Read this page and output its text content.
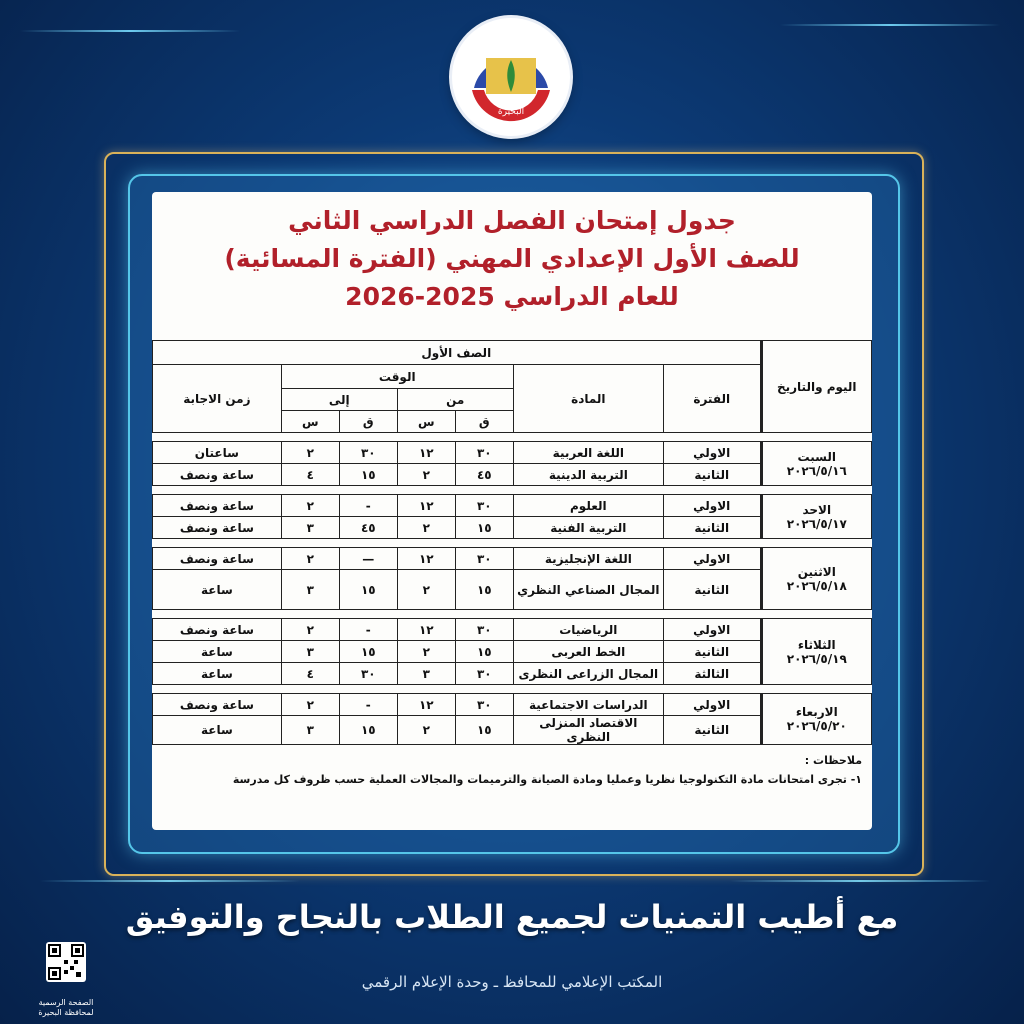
البحيرة
جدول إمتحان الفصل الدراسي الثاني
للصف الأول الإعدادي المهني (الفترة المسائية)
للعام الدراسي 2025-2026
اليوم والتاريخ	الصف الأول						
	الفترة	المادة	الوقت				زمن الاجابة
			من		إلى		
			ق	س	ق	س	

السبت
٢٠٢٦/٥/١٦	الاولي	اللغة العربية	٣٠	١٢	٣٠	٢	ساعتان
	الثانية	التربية الدينية	٤٥	٢	١٥	٤	ساعة ونصف

الاحد
٢٠٢٦/٥/١٧	الاولي	العلوم	٣٠	١٢	-	٢	ساعة ونصف
	الثانية	التربية الفنية	١٥	٢	٤٥	٣	ساعة ونصف

الاثنين
٢٠٢٦/٥/١٨	الاولي	اللغة الإنجليزية	٣٠	١٢	—	٢	ساعة ونصف
	الثانية	المجال الصناعي النظري	١٥	٢	١٥	٣	ساعة

الثلاثاء
٢٠٢٦/٥/١٩	الاولي	الرياضيات	٣٠	١٢	-	٢	ساعة ونصف
	الثانية	الخط العربى	١٥	٢	١٥	٣	ساعة
	الثالثة	المجال الزراعى النظرى	٣٠	٣	٣٠	٤	ساعة

الاربعاء
٢٠٢٦/٥/٢٠	الاولي	الدراسات الاجتماعية	٣٠	١٢	-	٢	ساعة ونصف
	الثانية	الاقتصاد المنزلى النظرى	١٥	٢	١٥	٣	ساعة
ملاحظات :
١- تجرى امتحانات مادة التكنولوجيا نظريا وعمليا ومادة الصيانة والترميمات والمجالات العملية حسب ظروف كل مدرسة
مع أطيب التمنيات لجميع الطلاب بالنجاح والتوفيق
المكتب الإعلامي للمحافظ ـ وحدة الإعلام الرقمي
الصفحة الرسمية لمحافظة البحيرة
